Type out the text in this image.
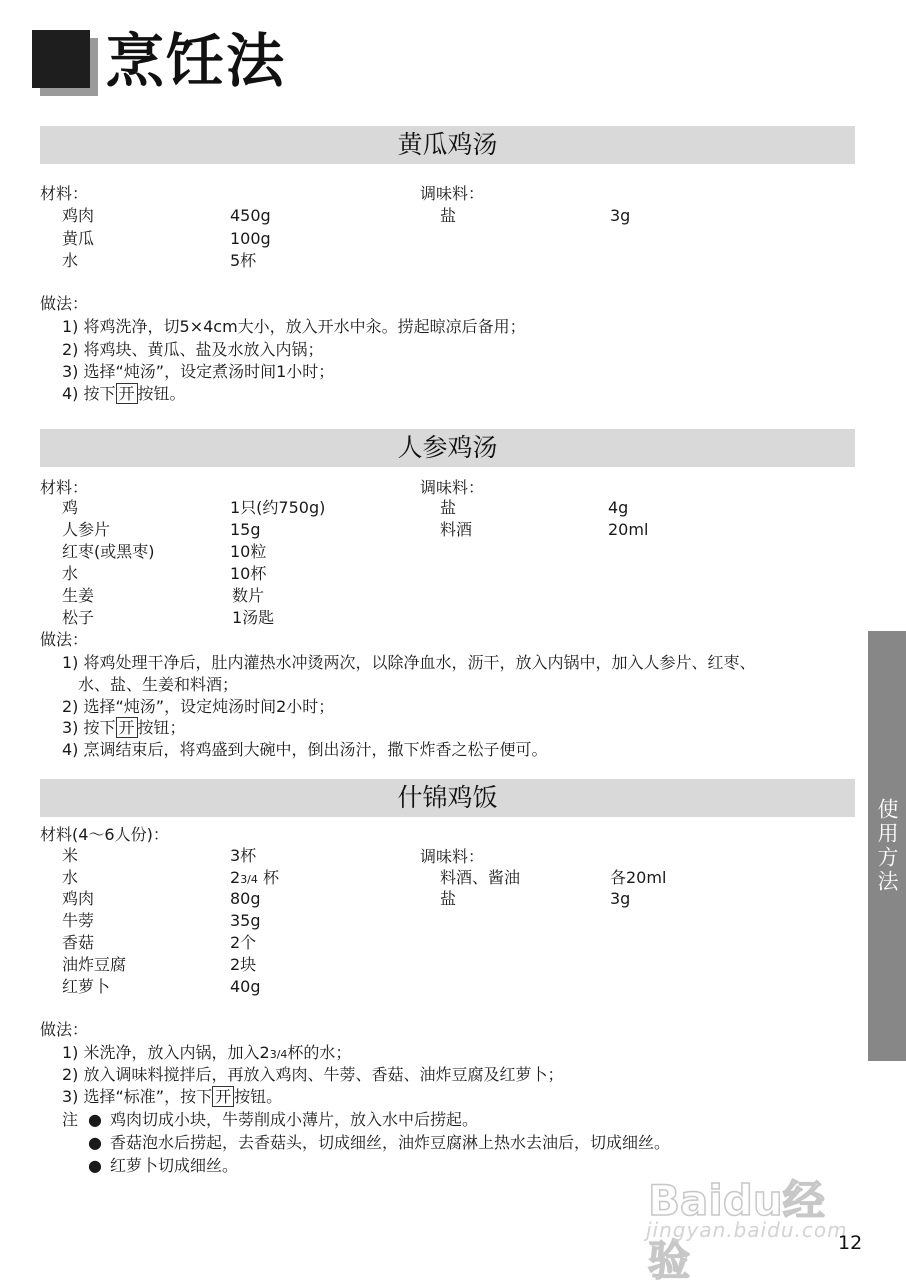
烹饪法
黄瓜鸡汤
材料：
鸡肉	450g
黄瓜	100g
水	5杯
调味料：
盐	3g
做法：
1) 将鸡洗净，切5×4cm大小，放入开水中汆。捞起晾凉后备用；
2) 将鸡块、黄瓜、盐及水放入内锅；
3) 选择“炖汤”，设定煮汤时间1小时；
4) 按下 开 按钮。
人参鸡汤
材料：
鸡	1只(约750g)
人参片	15g
红枣(或黑枣)	10粒
水	10杯
生姜	数片
松子	1汤匙
调味料：
盐	4g
料酒	20ml
做法：
1) 将鸡处理干净后，肚内灌热水冲烫两次，以除净血水，沥干，放入内锅中，加入人参片、红枣、
水、盐、生姜和料酒；
2) 选择“炖汤”，设定炖汤时间2小时；
3) 按下 开 按钮；
4) 烹调结束后，将鸡盛到大碗中，倒出汤汁，撒下炸香之松子便可。
什锦鸡饭
材料(4～6人份)：
米	3杯
水	23/4 杯
鸡肉	80g
牛蒡	35g
香菇	2个
油炸豆腐	2块
红萝卜	40g
调味料：
料酒、酱油	各20ml
盐	3g
做法：
1) 米洗净，放入内锅，加入23/4杯的水；
2) 放入调味料搅拌后，再放入鸡肉、牛蒡、香菇、油炸豆腐及红萝卜；
3) 选择“标准”，按下 开 按钮。
注 ● 鸡肉切成小块，牛蒡削成小薄片，放入水中后捞起。
● 香菇泡水后捞起，去香菇头，切成细丝，油炸豆腐淋上热水去油后，切成细丝。
● 红萝卜切成细丝。
使用方法
Baidu经验
jingyan.baidu.com
12
